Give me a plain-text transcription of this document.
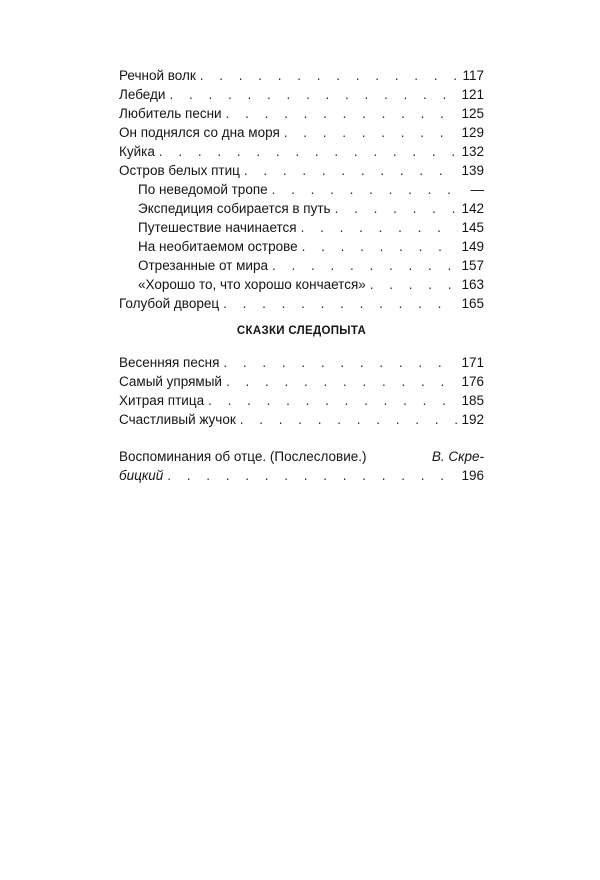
Речной волк . . .	117
Лебеди . . .	121
Любитель песни . . .	125
Он поднялся со дна моря . . .	129
Куйка . . .	132
Остров белых птиц . . .	139
По неведомой тропе . . .	—
Экспедиция собирается в путь . . .	142
Путешествие начинается . . .	145
На необитаемом острове . . .	149
Отрезанные от мира . . .	157
«Хорошо то, что хорошо кончается» . . .	163
Голубой дворец . . .	165
СКАЗКИ СЛЕДОПЫТА
Весенняя песня . . .	171
Самый упрямый . . .	176
Хитрая птица . . .	185
Счастливый жучок . . .	192
Воспоминания об отце. (Послесловие.)	В. Скре-
бицкий . . .	196
